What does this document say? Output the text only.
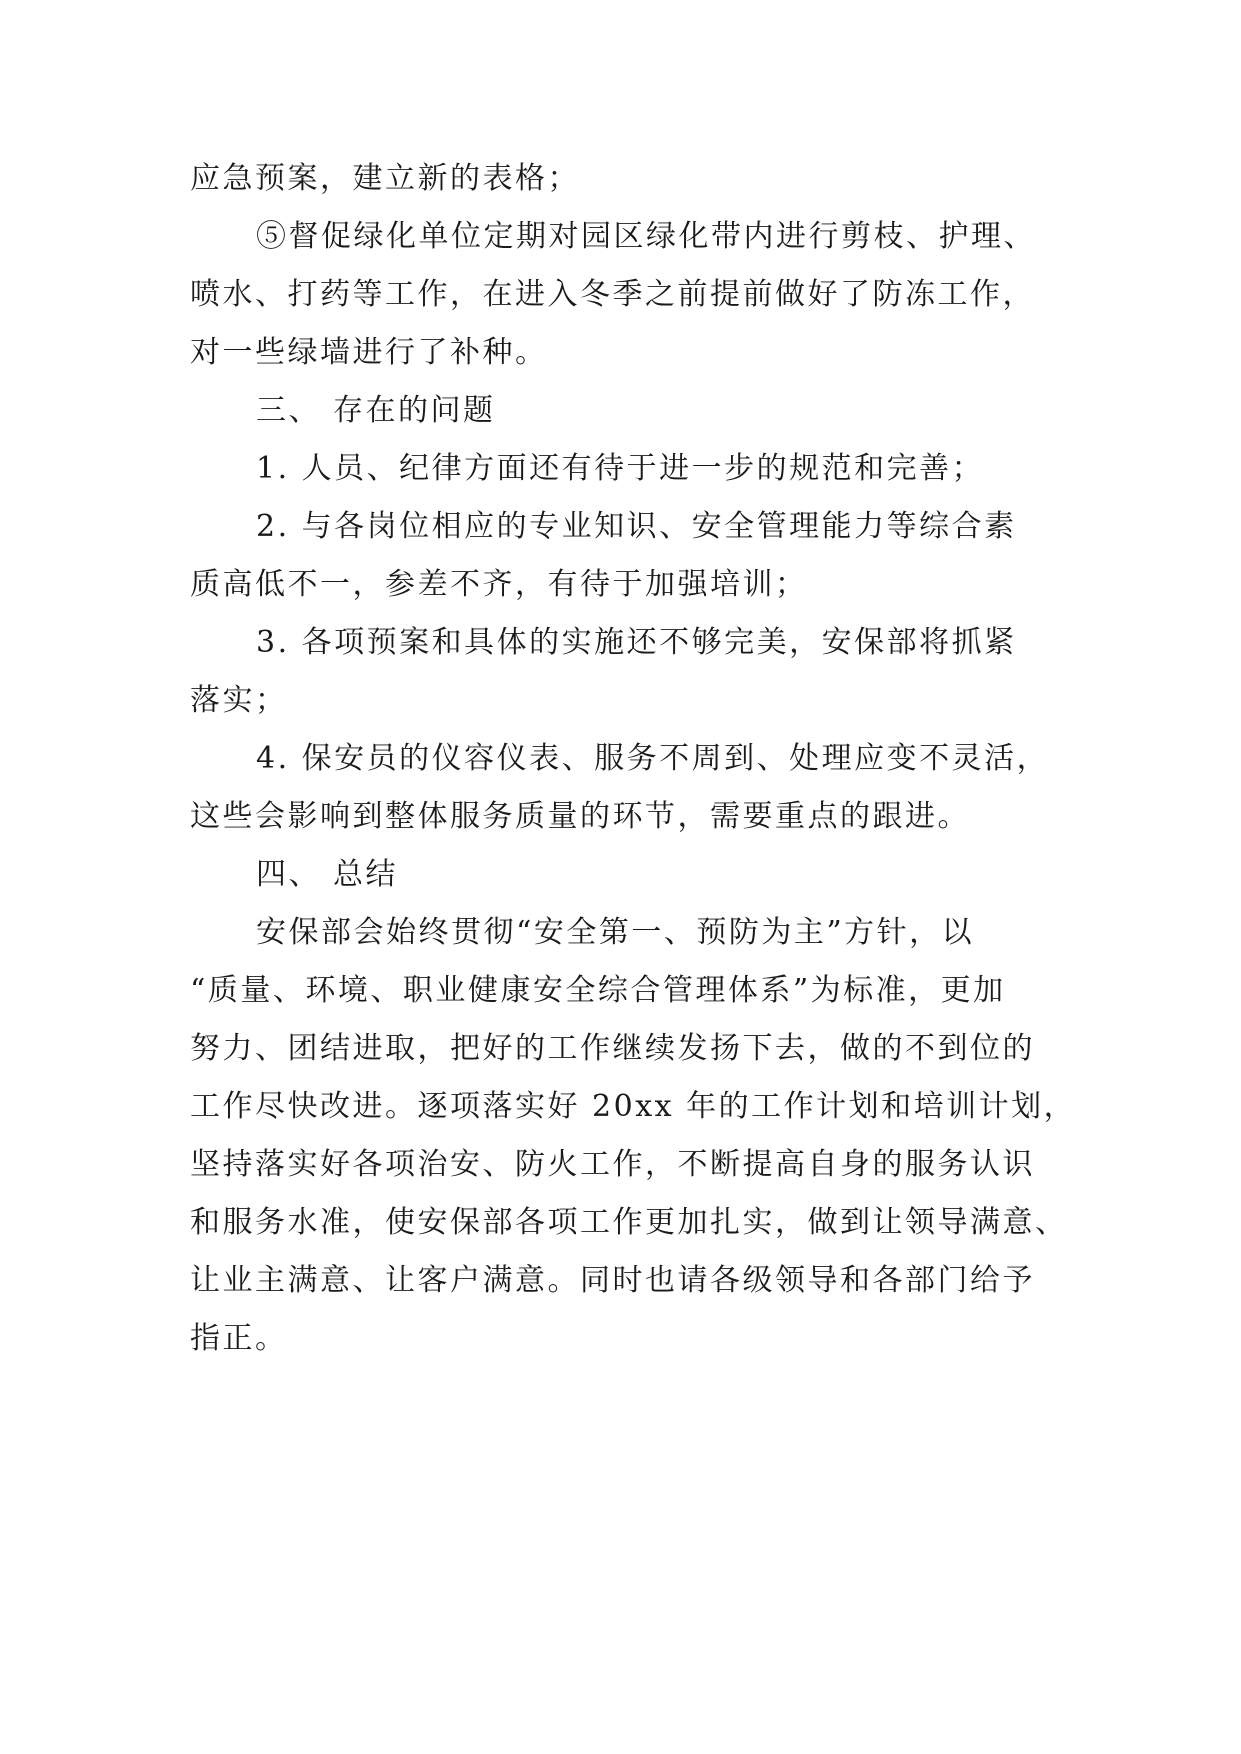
应急预案，建立新的表格；
⑤督促绿化单位定期对园区绿化带内进行剪枝、护理、
喷水、打药等工作，在进入冬季之前提前做好了防冻工作，
对一些绿墙进行了补种。
三、 存在的问题
1. 人员、纪律方面还有待于进一步的规范和完善；
2. 与各岗位相应的专业知识、安全管理能力等综合素
质高低不一，参差不齐，有待于加强培训；
3. 各项预案和具体的实施还不够完美，安保部将抓紧
落实；
4. 保安员的仪容仪表、服务不周到、处理应变不灵活，
这些会影响到整体服务质量的环节，需要重点的跟进。
四、 总结
安保部会始终贯彻“安全第一、预防为主”方针，以
“质量、环境、职业健康安全综合管理体系”为标准，更加
努力、团结进取，把好的工作继续发扬下去，做的不到位的
工作尽快改进。逐项落实好 20xx 年的工作计划和培训计划，
坚持落实好各项治安、防火工作，不断提高自身的服务认识
和服务水准，使安保部各项工作更加扎实，做到让领导满意、
让业主满意、让客户满意。同时也请各级领导和各部门给予
指正。
